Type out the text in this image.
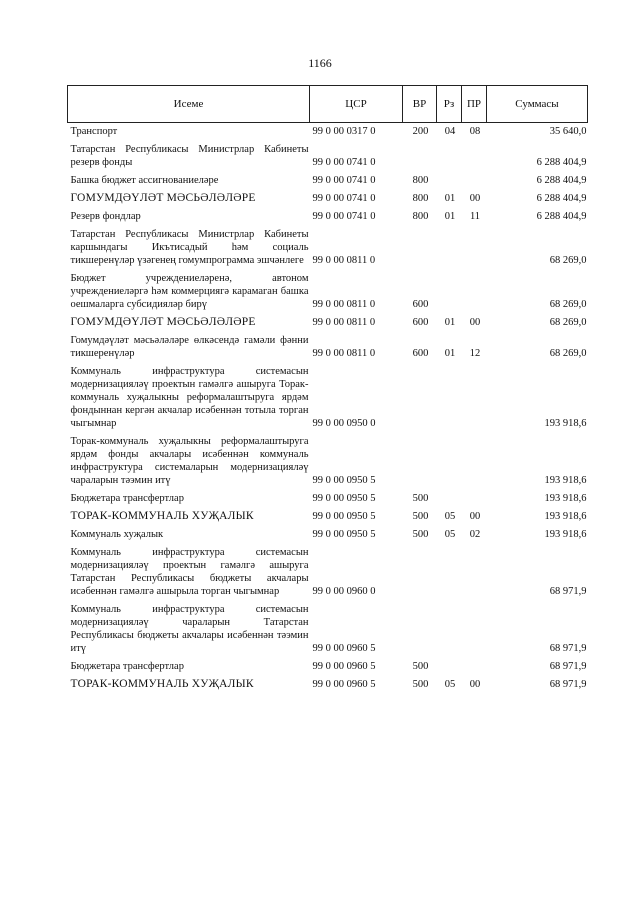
1166
Исеме	ЦСР	ВР	Рз	ПР	Суммасы
Транспорт	99 0 00 0317 0	200	04	08	35 640,0
Татарстан Республикасы Министрлар Кабинеты резерв фонды	99 0 00 0741 0				6 288 404,9
Башка бюджет ассигнованиеләре	99 0 00 0741 0	800			6 288 404,9
ГОМУМДӘҮЛӘТ МӘСЬӘЛӘЛӘРЕ	99 0 00 0741 0	800	01	00	6 288 404,9
Резерв фондлар	99 0 00 0741 0	800	01	11	6 288 404,9
Татарстан Республикасы Министрлар Кабинеты каршындагы Икътисадый һәм социаль тикшеренүләр үзәгенең гомумпрограмма эшчәнлеге	99 0 00 0811 0				68 269,0
Бюджет учреждениеләренә, автоном учреждениеләргә һәм коммерциягә карамаган башка оешмаларга субсидияләр бирү	99 0 00 0811 0	600			68 269,0
ГОМУМДӘҮЛӘТ МӘСЬӘЛӘЛӘРЕ	99 0 00 0811 0	600	01	00	68 269,0
Гомумдәүләт мәсьәләләре өлкәсендә гамәли фәнни тикшеренүләр	99 0 00 0811 0	600	01	12	68 269,0
Коммуналь инфраструктура системасын модернизацияләү проектын гамәлгә ашыруга Торак-коммуналь хуҗалыкны реформалаштыруга ярдәм фондыннан кергән акчалар исәбеннән тотыла торган чыгымнар	99 0 00 0950 0				193 918,6
Торак-коммуналь хуҗалыкны реформалаштыруга ярдәм фонды акчалары исәбеннән коммуналь инфраструктура системаларын модернизацияләү чараларын тәэмин итү	99 0 00 0950 5				193 918,6
Бюджетара трансфертлар	99 0 00 0950 5	500			193 918,6
ТОРАК-КОММУНАЛЬ ХУҖАЛЫК	99 0 00 0950 5	500	05	00	193 918,6
Коммуналь хуҗалык	99 0 00 0950 5	500	05	02	193 918,6
Коммуналь инфраструктура системасын модернизацияләү проектын гамәлгә ашыруга Татарстан Республикасы бюджеты акчалары исәбеннән гамәлгә ашырыла торган чыгымнар	99 0 00 0960 0				68 971,9
Коммуналь инфраструктура системасын модернизацияләү чараларын Татарстан Республикасы бюджеты акчалары исәбеннән тәэмин итү	99 0 00 0960 5				68 971,9
Бюджетара трансфертлар	99 0 00 0960 5	500			68 971,9
ТОРАК-КОММУНАЛЬ ХУҖАЛЫК	99 0 00 0960 5	500	05	00	68 971,9
